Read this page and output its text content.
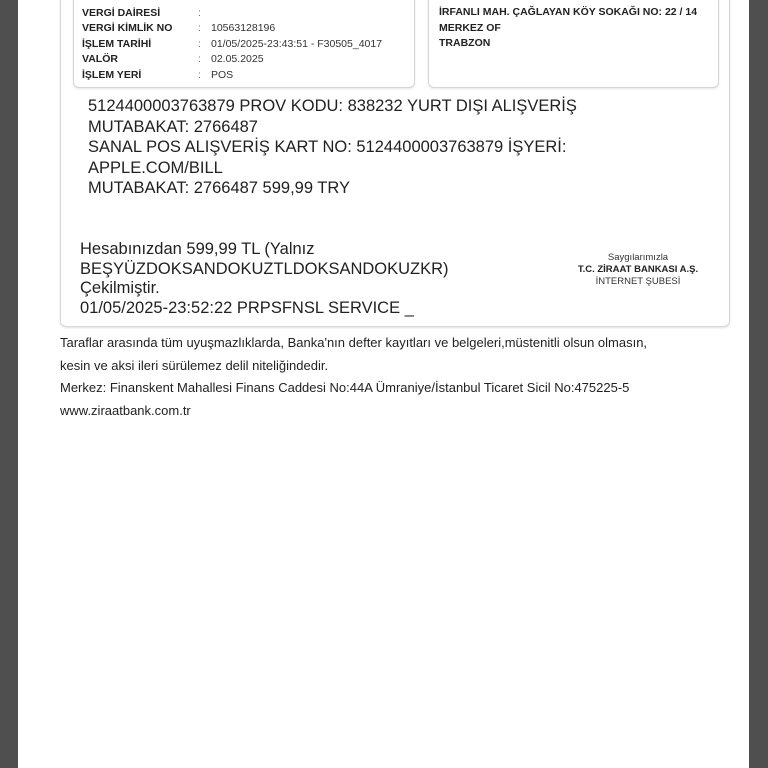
VERGİ DAİRESİ	:
VERGİ KİMLİK NO	: 10563128196
İŞLEM TARİHİ	: 01/05/2025-23:43:51 - F30505_4017
VALÖR	: 02.05.2025
İŞLEM YERİ	: POS
İRFANLI MAH. ÇAĞLAYAN KÖY SOKAĞI NO: 22 / 14
MERKEZ OF
TRABZON
5124400003763879 PROV KODU: 838232 YURT DIŞI ALIŞVERİŞ
MUTABAKAT: 2766487
SANAL POS ALIŞVERİŞ KART NO: 5124400003763879 İŞYERİ:
APPLE.COM/BILL
MUTABAKAT: 2766487 599,99 TRY
Hesabınızdan 599,99 TL (Yalnız
BEŞYÜZDOKSANDOKUZTLDOKSANDOKUZKR)
Çekilmiştir.
01/05/2025-23:52:22 PRPSFNSL SERVICE _
Saygılarımızla
T.C. ZİRAAT BANKASI A.Ş.
İNTERNET ŞUBESİ
Taraflar arasında tüm uyuşmazlıklarda, Banka'nın defter kayıtları ve belgeleri,müstenitli olsun olmasın,
kesin ve aksi ileri sürülemez delil niteliğindedir.
Merkez: Finanskent Mahallesi Finans Caddesi No:44A Ümraniye/İstanbul Ticaret Sicil No:475225-5
www.ziraatbank.com.tr
